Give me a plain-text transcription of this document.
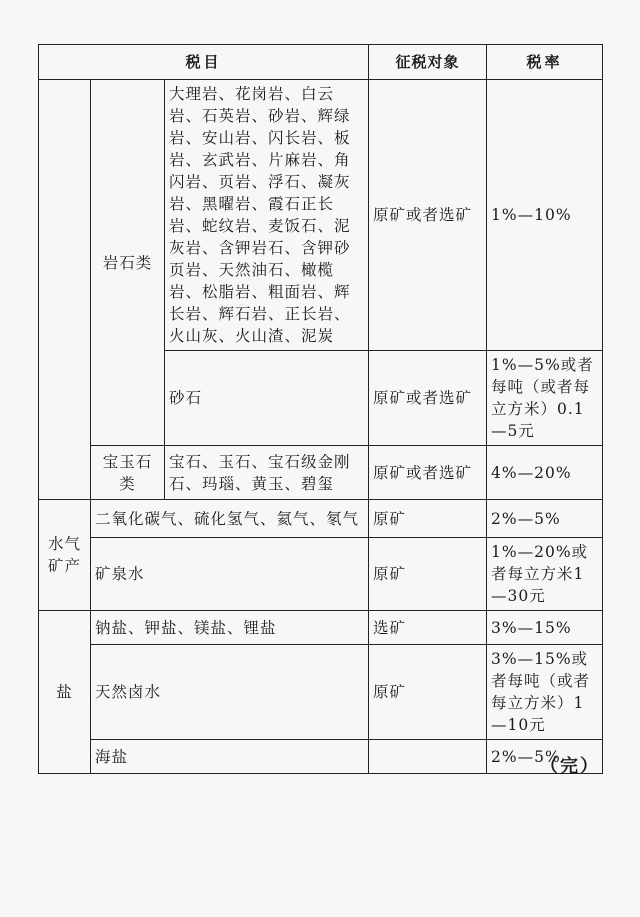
税目			征税对象	税率
	岩石类	大理岩、花岗岩、白云岩、石英岩、砂岩、辉绿岩、安山岩、闪长岩、板岩、玄武岩、片麻岩、角闪岩、页岩、浮石、凝灰岩、黑曜岩、霞石正长岩、蛇纹岩、麦饭石、泥灰岩、含钾岩石、含钾砂页岩、天然油石、橄榄岩、松脂岩、粗面岩、辉长岩、辉石岩、正长岩、火山灰、火山渣、泥炭	原矿或者选矿	1%—10%
		砂石	原矿或者选矿	1%—5%或者每吨（或者每立方米）0.1—5元
	宝玉石类	宝石、玉石、宝石级金刚石、玛瑙、黄玉、碧玺	原矿或者选矿	4%—20%
水气矿产	二氧化碳气、硫化氢气、氦气、氡气		原矿	2%—5%
	矿泉水		原矿	1%—20%或者每立方米1—30元
盐	钠盐、钾盐、镁盐、锂盐		选矿	3%—15%
	天然卤水		原矿	3%—15%或者每吨（或者每立方米）1—10元
	海盐			2%—5%
（完）
